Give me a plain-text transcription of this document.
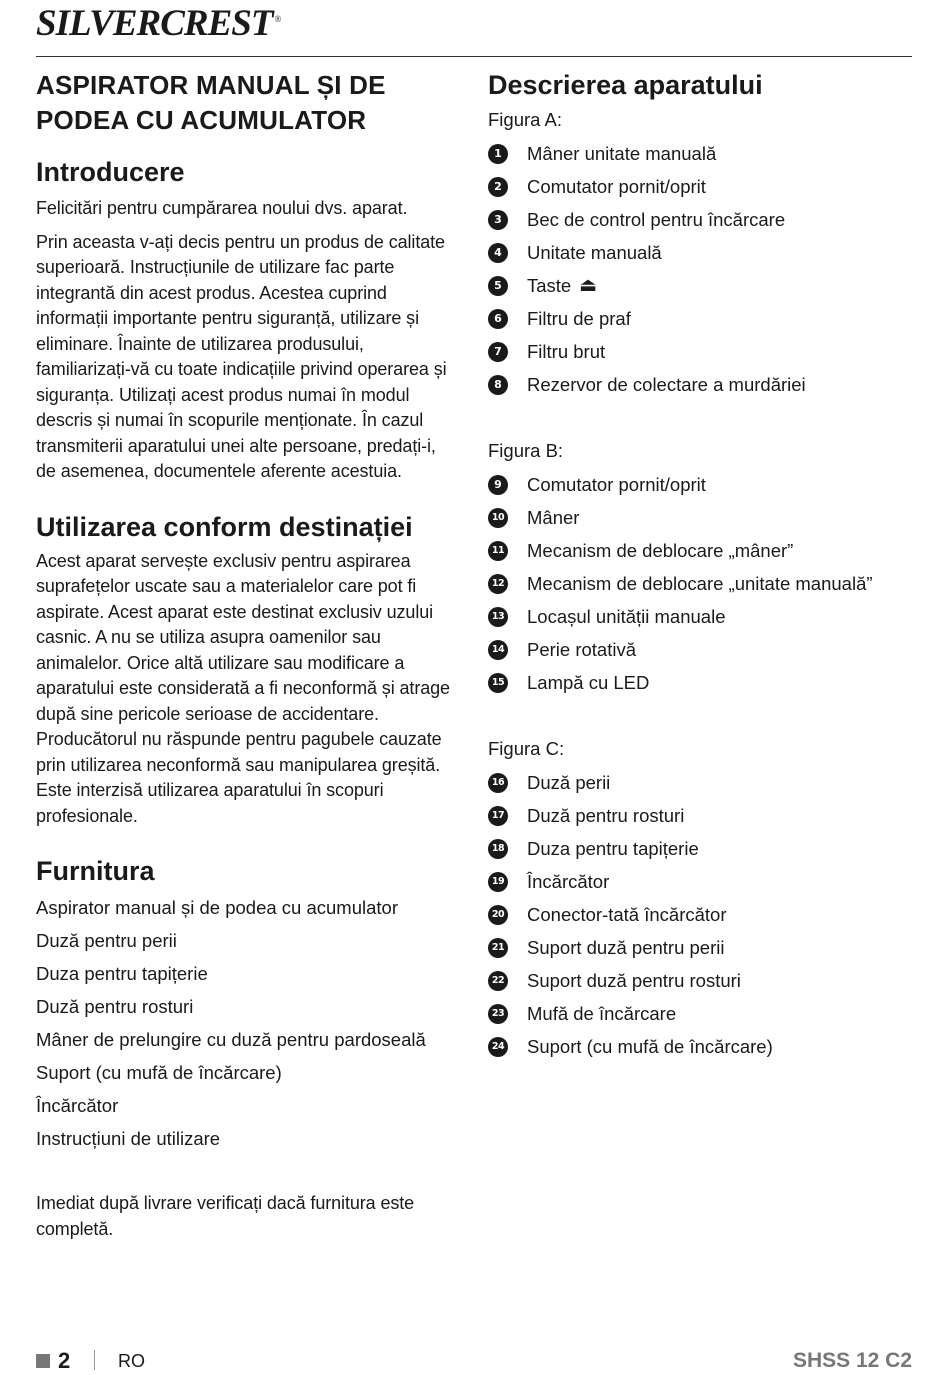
SILVERCREST ®
ASPIRATOR MANUAL ȘI DE PODEA CU ACUMULATOR
Introducere

Felicitări pentru cumpărarea noului dvs. aparat.

Prin aceasta v-ați decis pentru un produs de calitate superioară. Instrucțiunile de utilizare fac parte integrantă din acest produs. Acestea cuprind informații importante pentru siguranță, utilizare și eliminare. Înainte de utilizarea produsului, familiarizați-vă cu toate indicațiile privind operarea și siguranța. Utilizați acest produs numai în modul descris și numai în scopurile menționate. În cazul transmiterii aparatului unei alte persoane, predați-i, de asemenea, documentele aferente acestuia.

Utilizarea conform destinației

Acest aparat servește exclusiv pentru aspirarea suprafețelor uscate sau a materialelor care pot fi aspirate. Acest aparat este destinat exclusiv uzului casnic. A nu se utiliza asupra oamenilor sau animalelor. Orice altă utilizare sau modificare a aparatului este considerată a fi neconformă și atrage după sine pericole serioase de accidentare. Producătorul nu răspunde pentru pagubele cauzate prin utilizarea neconformă sau manipularea greșită.

Este interzisă utilizarea aparatului în scopuri profesionale.

Furnitura
Aspirator manual și de podea cu acumulator
Duză pentru perii
Duza pentru tapițerie
Duză pentru rosturi
Mâner de prelungire cu duză pentru pardoseală
Suport (cu mufă de încărcare)
Încărcător
Instrucțiuni de utilizare

Imediat după livrare verificați dacă furnitura este completă.

Descrierea aparatului

Figura A:

1	Mâner unitate manuală
2	Comutator pornit/oprit
3	Bec de control pentru încărcare
4	Unitate manuală
5	Taste ⏏
6	Filtru de praf
7	Filtru brut
8	Rezervor de colectare a murdăriei

Figura B:

9	Comutator pornit/oprit
10 Mâner
11 Mecanism de deblocare „mâner”
12 Mecanism de deblocare „unitate manuală”
13 Locașul unității manuale
14 Perie rotativă
15 Lampă cu LED

Figura C:

16 Duză perii
17 Duză pentru rosturi
18 Duza pentru tapițerie
19 Încărcător
20 Conector-tată încărcător
21 Suport duză pentru perii
22 Suport duză pentru rosturi
23 Mufă de încărcare
24 Suport (cu mufă de încărcare)
2	RO	SHSS 12 C2
